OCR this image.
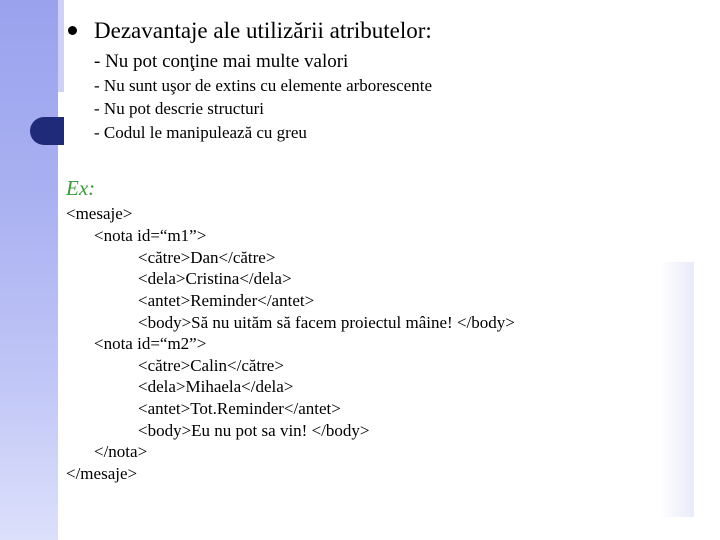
Dezavantaje ale utilizării atributelor:
- Nu pot conţine mai multe valori
- Nu sunt uşor de extins cu elemente arborescente
- Nu pot descrie structuri
- Codul le manipulează cu greu
Ex:
<mesaje>
<nota id=“m1”>
<către>Dan</către>
<dela>Cristina</dela>
<antet>Reminder</antet>
<body>Să nu uităm să facem proiectul mâine! </body>
<nota id=“m2”>
<către>Calin</către>
<dela>Mihaela</dela>
<antet>Tot.Reminder</antet>
<body>Eu nu pot sa vin! </body>
</nota>
</mesaje>
